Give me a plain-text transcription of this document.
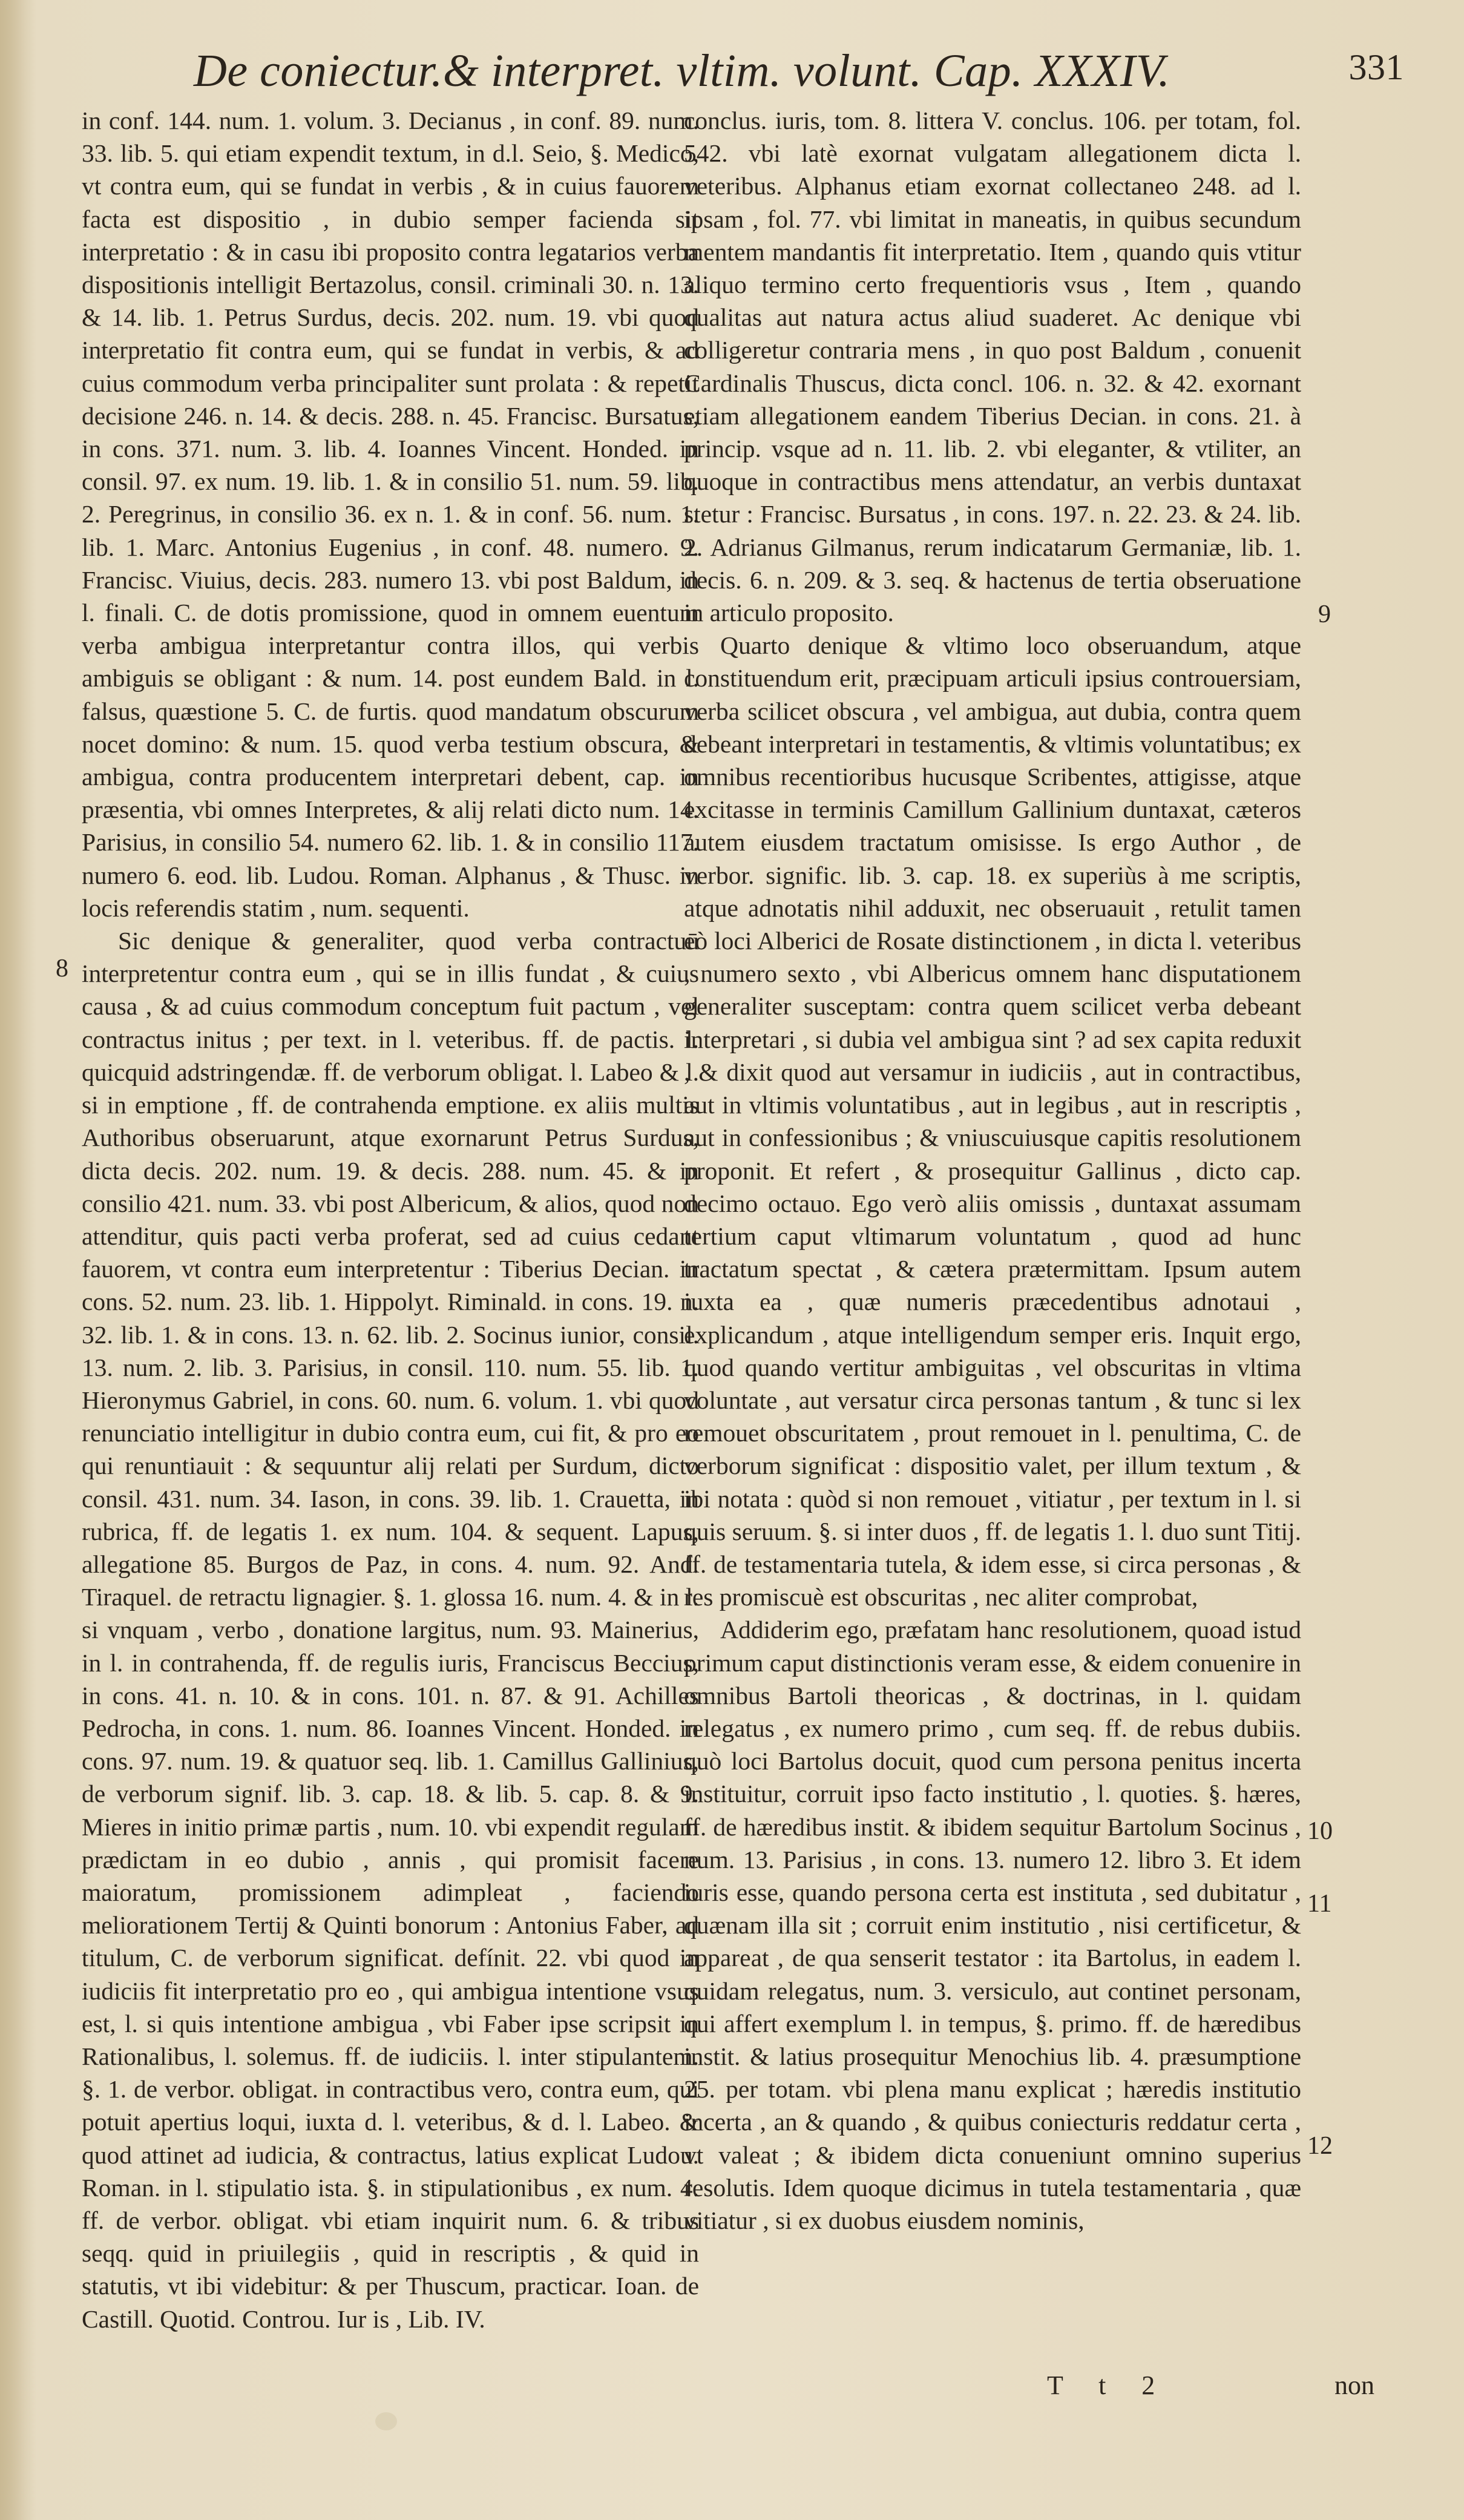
De coniectur.& interpret. vltim. volunt. Cap. XXXIV.	331

in conf. 144. num. 1. volum. 3. Decianus , in conf. 89. num. 33. lib. 5. qui etiam expendit textum, in d.l. Seio, §. Medico, vt contra eum, qui se fundat in verbis , & in cuius fauorem facta est dispositio , in dubio semper facienda sit interpretatio : & in casu ibi proposito contra legatarios verba dispositionis intelligit Bertazolus, consil. criminali 30. n. 13. & 14. lib. 1. Petrus Surdus, decis. 202. num. 19. vbi quod interpretatio fit contra eum, qui se fundat in verbis, & ad cuius commodum verba principaliter sunt prolata : & repetit decisione 246. n. 14. & decis. 288. n. 45. Francisc. Bursatus, in cons. 371. num. 3. lib. 4. Ioannes Vincent. Honded. in consil. 97. ex num. 19. lib. 1. & in consilio 51. num. 59. lib. 2. Peregrinus, in consilio 36. ex n. 1. & in conf. 56. num. 1. lib. 1. Marc. Antonius Eugenius , in conf. 48. numero. 9. Francisc. Viuius, decis. 283. numero 13. vbi post Baldum, in l. finali. C. de dotis promissione, quod in omnem euentum verba ambigua interpretantur contra illos, qui verbis ambiguis se obligant : & num. 14. post eundem Bald. in l. falsus, quæstione 5. C. de furtis. quod mandatum obscurum nocet domino: & num. 15. quod verba testium obscura, & ambigua, contra producentem interpretari debent, cap. in præsentia, vbi omnes Interpretes, & alij relati dicto num. 14. Parisius, in consilio 54. numero 62. lib. 1. & in consilio 117. numero 6. eod. lib. Ludou. Roman. Alphanus , & Thusc. in locis referendis statim , num. sequenti.

Sic denique & generaliter, quod verba contractuū interpretentur contra eum , qui se in illis fundat , & cuius causa , & ad cuius commodum conceptum fuit pactum , vel contractus initus ; per text. in l. veteribus. ff. de pactis. l. quicquid adstringendæ. ff. de verborum obligat. l. Labeo & l. si in emptione , ff. de contrahenda emptione. ex aliis multis Authoribus obseruarunt, atque exornarunt Petrus Surdus, dicta decis. 202. num. 19. & decis. 288. num. 45. & in consilio 421. num. 33. vbi post Albericum, & alios, quod non attenditur, quis pacti verba proferat, sed ad cuius cedant fauorem, vt contra eum interpretentur : Tiberius Decian. in cons. 52. num. 23. lib. 1. Hippolyt. Riminald. in cons. 19. n. 32. lib. 1. & in cons. 13. n. 62. lib. 2. Socinus iunior, consil. 13. num. 2. lib. 3. Parisius, in consil. 110. num. 55. lib. 1. Hieronymus Gabriel, in cons. 60. num. 6. volum. 1. vbi quod renunciatio intelligitur in dubio contra eum, cui fit, & pro eo qui renuntiauit : & sequuntur alij relati per Surdum, dicto consil. 431. num. 34. Iason, in cons. 39. lib. 1. Crauetta, in rubrica, ff. de legatis 1. ex num. 104. & sequent. Lapus, allegatione 85. Burgos de Paz, in cons. 4. num. 92. And. Tiraquel. de retractu lignagier. §. 1. glossa 16. num. 4. & in l. si vnquam , verbo , donatione largitus, num. 93. Mainerius, in l. in contrahenda, ff. de regulis iuris, Franciscus Beccius, in cons. 41. n. 10. & in cons. 101. n. 87. & 91. Achilles Pedrocha, in cons. 1. num. 86. Ioannes Vincent. Honded. in cons. 97. num. 19. & quatuor seq. lib. 1. Camillus Gallinius, de verborum signif. lib. 3. cap. 18. & lib. 5. cap. 8. & 9. Mieres in initio primæ partis , num. 10. vbi expendit regulam prædictam in eo dubio , annis , qui promisit facere maioratum, promissionem adimpleat , faciendo meliorationem Tertij & Quinti bonorum : Antonius Faber, ad titulum, C. de verborum significat. defínit. 22. vbi quod in iudiciis fit interpretatio pro eo , qui ambigua intentione vsus est, l. si quis intentione ambigua , vbi Faber ipse scripsit in Rationalibus, l. solemus. ff. de iudiciis. l. inter stipulantem. §. 1. de verbor. obligat. in contractibus vero, contra eum, qui potuit apertius loqui, iuxta d. l. veteribus, & d. l. Labeo. & quod attinet ad iudicia, & contractus, latius explicat Ludou. Roman. in l. stipulatio ista. §. in stipulationibus , ex num. 4. ff. de verbor. obligat. vbi etiam inquirit num. 6. & tribus seqq. quid in priuilegiis , quid in rescriptis , & quid in statutis, vt ibi videbitur: & per Thuscum, practicar. Ioan. de Castill. Quotid. Controu. Iur is , Lib. IV.

conclus. iuris, tom. 8. littera V. conclus. 106. per totam, fol. 542. vbi latè exornat vulgatam allegationem dicta l. veteribus. Alphanus etiam exornat collectaneo 248. ad l. ipsam , fol. 77. vbi limitat in maneatis, in quibus secundum mentem mandantis fit interpretatio. Item , quando quis vtitur aliquo termino certo frequentioris vsus , Item , quando qualitas aut natura actus aliud suaderet. Ac denique vbi colligeretur contraria mens , in quo post Baldum , conuenit Cardinalis Thuscus, dicta concl. 106. n. 32. & 42. exornant etiam allegationem eandem Tiberius Decian. in cons. 21. à princip. vsque ad n. 11. lib. 2. vbi eleganter, & vtiliter, an quoque in contractibus mens attendatur, an verbis duntaxat stetur : Francisc. Bursatus , in cons. 197. n. 22. 23. & 24. lib. 2. Adrianus Gilmanus, rerum indicatarum Germaniæ, lib. 1. decis. 6. n. 209. & 3. seq. & hactenus de tertia obseruatione in articulo proposito.

Quarto denique & vltimo loco obseruandum, atque constituendum erit, præcipuam articuli ipsius controuersiam, verba scilicet obscura , vel ambigua, aut dubia, contra quem debeant interpretari in testamentis, & vltimis voluntatibus; ex omnibus recentioribus hucusque Scribentes, attigisse, atque excitasse in terminis Camillum Gallinium duntaxat, cæteros autem eiusdem tractatum omisisse. Is ergo Author , de verbor. signific. lib. 3. cap. 18. ex superiùs à me scriptis, atque adnotatis nihil adduxit, nec obseruauit , retulit tamen eò loci Alberici de Rosate distinctionem , in dicta l. veteribus , numero sexto , vbi Albericus omnem hanc disputationem generaliter susceptam: contra quem scilicet verba debeant interpretari , si dubia vel ambigua sint ? ad sex capita reduxit , & dixit quod aut versamur in iudiciis , aut in contractibus, aut in vltimis voluntatibus , aut in legibus , aut in rescriptis , aut in confessionibus ; & vniuscuiusque capitis resolutionem proponit. Et refert , & prosequitur Gallinus , dicto cap. decimo octauo. Ego verò aliis omissis , duntaxat assumam tertium caput vltimarum voluntatum , quod ad hunc tractatum spectat , & cætera prætermittam. Ipsum autem iuxta ea , quæ numeris præcedentibus adnotaui , explicandum , atque intelligendum semper eris. Inquit ergo, quod quando vertitur ambiguitas , vel obscuritas in vltima voluntate , aut versatur circa personas tantum , & tunc si lex remouet obscuritatem , prout remouet in l. penultima, C. de verborum significat : dispositio valet, per illum textum , & ibi notata : quòd si non remouet , vitiatur , per textum in l. si quis seruum. §. si inter duos , ff. de legatis 1. l. duo sunt Titij. ff. de testamentaria tutela, & idem esse, si circa personas , & res promiscuè est obscuritas , nec aliter comprobat,

Addiderim ego, præfatam hanc resolutionem, quoad istud primum caput distinctionis veram esse, & eidem conuenire in omnibus Bartoli theoricas , & doctrinas, in l. quidam relegatus , ex numero primo , cum seq. ff. de rebus dubiis. quò loci Bartolus docuit, quod cum persona penitus incerta instituitur, corruit ipso facto institutio , l. quoties. §. hæres, ff. de hæredibus instit. & ibidem sequitur Bartolum Socinus , num. 13. Parisius , in cons. 13. numero 12. libro 3. Et idem iuris esse, quando persona certa est instituta , sed dubitatur , quænam illa sit ; corruit enim institutio , nisi certificetur, & appareat , de qua senserit testator : ita Bartolus, in eadem l. quidam relegatus, num. 3. versiculo, aut continet personam, qui affert exemplum l. in tempus, §. primo. ff. de hæredibus instit. & latius prosequitur Menochius lib. 4. præsumptione 25. per totam. vbi plena manu explicat ; hæredis institutio incerta , an & quando , & quibus coniecturis reddatur certa , vt valeat ; & ibidem dicta conueniunt omnino superius resolutis. Idem quoque dicimus in tutela testamentaria , quæ vitiatur , si ex duobus eiusdem nominis,

8
9
10
11
12
T t 2	non
